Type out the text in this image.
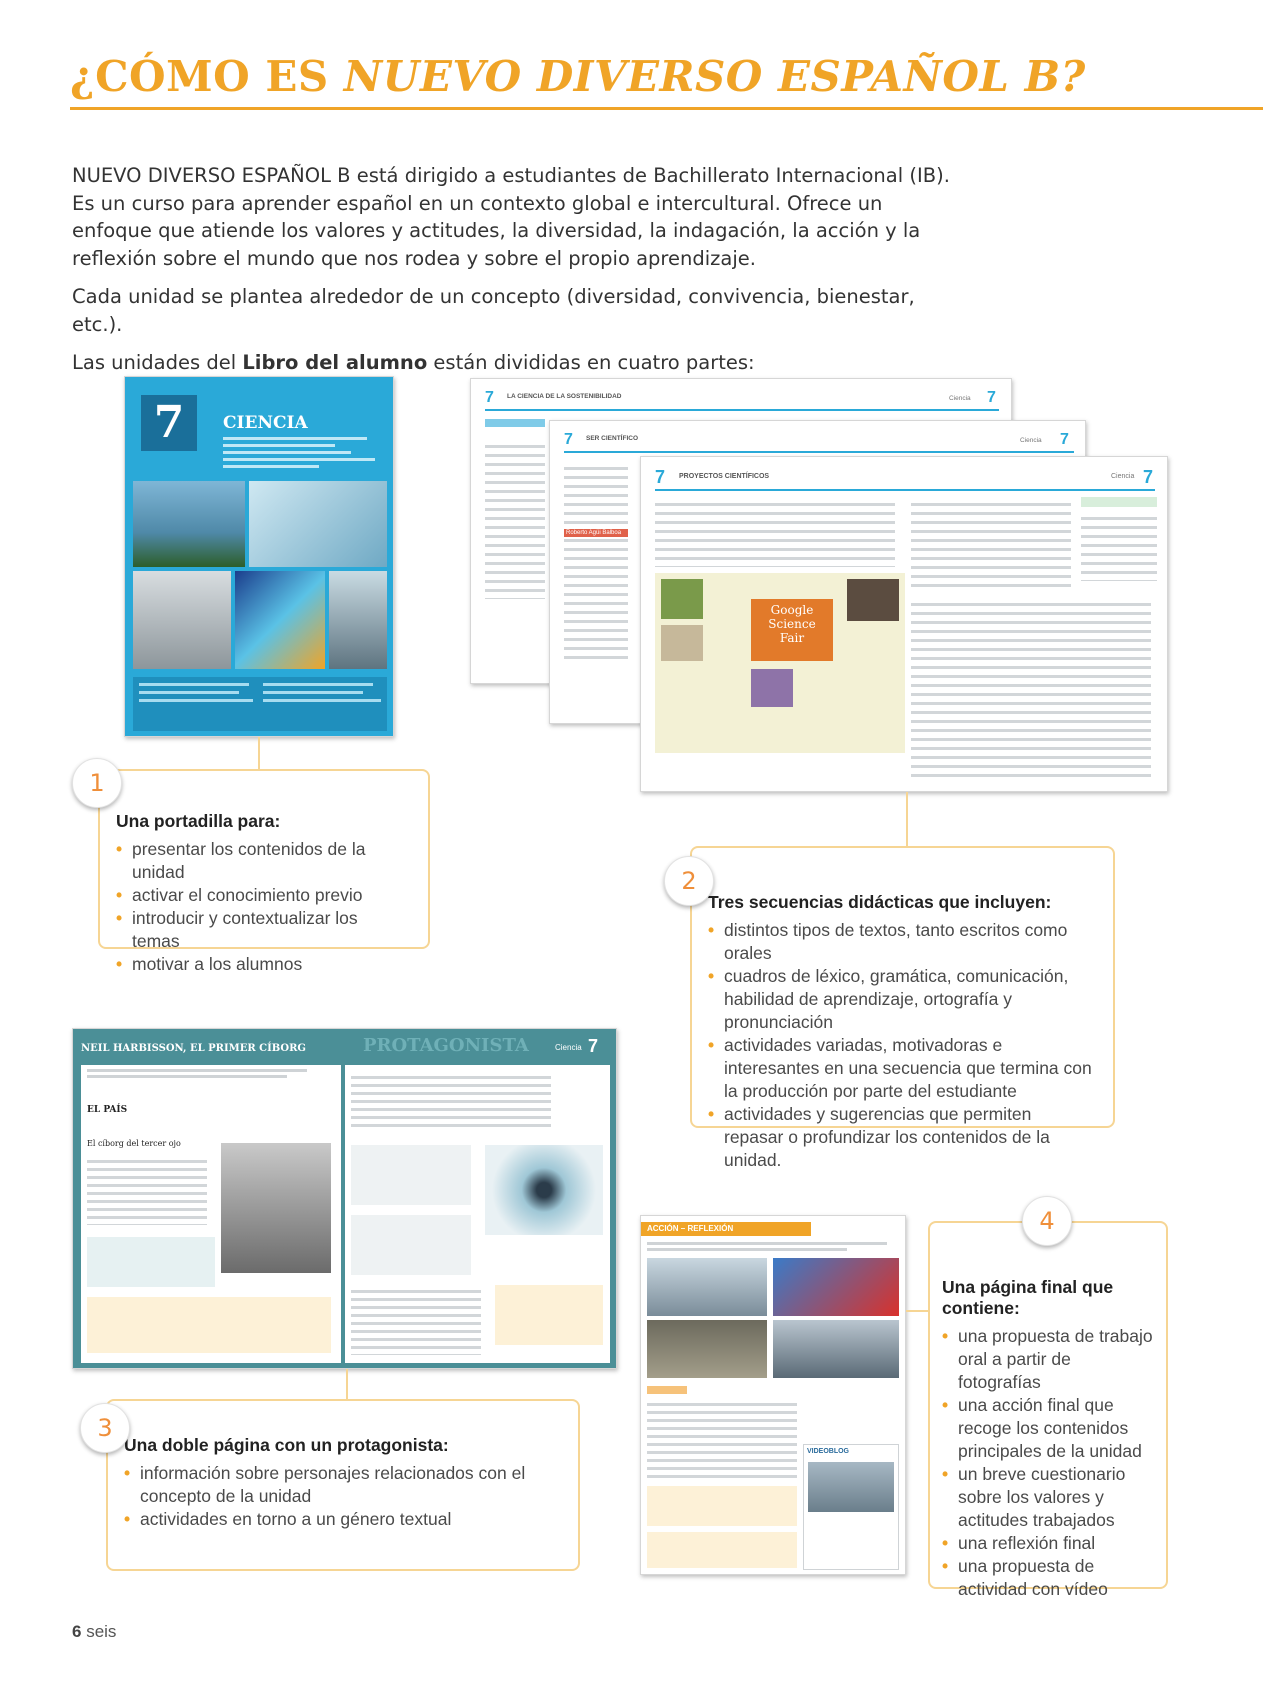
¿CÓMO ES NUEVO DIVERSO ESPAÑOL B?

NUEVO DIVERSO ESPAÑOL B está dirigido a estudiantes de Bachillerato Internacional (IB). Es un curso para aprender español en un contexto global e intercultural. Ofrece un enfoque que atiende los valores y actitudes, la diversidad, la indagación, la acción y la reflexión sobre el mundo que nos rodea y sobre el propio aprendizaje.

Cada unidad se plantea alrededor de un concepto (diversidad, convivencia, bienestar, etc.).

Las unidades del Libro del alumno están divididas en cuatro partes:

7	CIENCIA
7 LA CIENCIA DE LA SOSTENIBILIDAD	Ciencia 7
7 SER CIENTÍFICO	Ciencia 7
Roberto Agüi Balboa
7 PROYECTOS CIENTÍFICOS	Ciencia 7
Google
Science
Fair
NEIL HARBISSON, EL PRIMER CÍBORG	PROTAGONISTA	Ciencia 7
EL PAÍS
El cíborg del tercer ojo
ACCIÓN – REFLEXIÓN
VIDEOBLOG
Una portadilla para:
• presentar los contenidos de la unidad
• activar el conocimiento previo
• introducir y contextualizar los temas
• motivar a los alumnos
1
Tres secuencias didácticas que incluyen:
• distintos tipos de textos, tanto escritos como orales
• cuadros de léxico, gramática, comunicación, habilidad de aprendizaje, ortografía y pronunciación
• actividades variadas, motivadoras e interesantes en una secuencia que termina con la producción por parte del estudiante
• actividades y sugerencias que permiten repasar o profundizar los contenidos de la unidad.
2
Una doble página con un protagonista:
• información sobre personajes relacionados con el concepto de la unidad
• actividades en torno a un género textual
3
Una página final que contiene:
• una propuesta de trabajo oral a partir de fotografías
• una acción final que recoge los contenidos principales de la unidad
• un breve cuestionario sobre los valores y actitudes trabajados
• una reflexión final
• una propuesta de actividad con vídeo
4
6 seis
